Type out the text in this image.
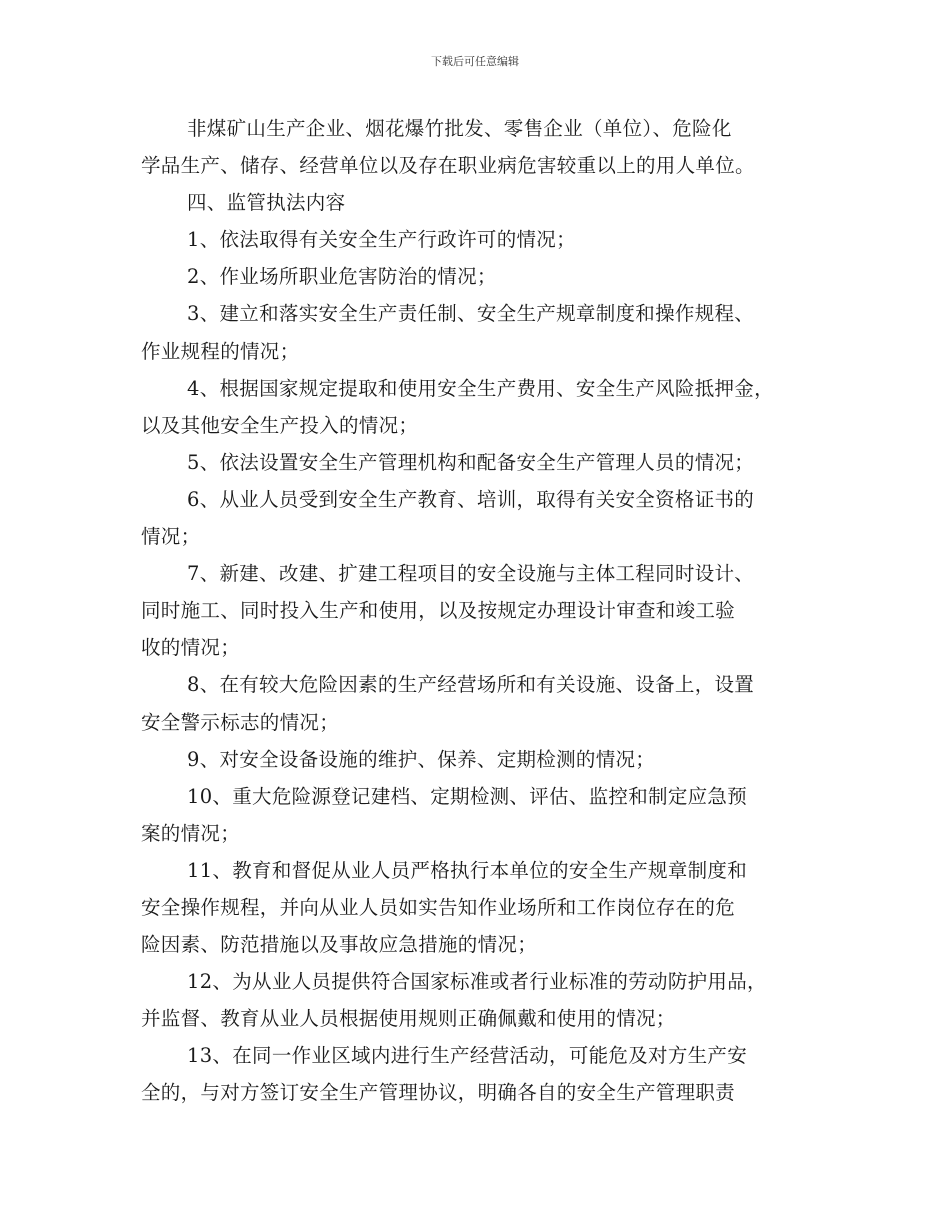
下载后可任意编辑
非煤矿山生产企业、烟花爆竹批发、零售企业（单位）、危险化
学品生产、储存、经营单位以及存在职业病危害较重以上的用人单位。
四、监管执法内容
1、依法取得有关安全生产行政许可的情况；
2、作业场所职业危害防治的情况；
3、建立和落实安全生产责任制、安全生产规章制度和操作规程、
作业规程的情况；
4、根据国家规定提取和使用安全生产费用、安全生产风险抵押金，
以及其他安全生产投入的情况；
5、依法设置安全生产管理机构和配备安全生产管理人员的情况；
6、从业人员受到安全生产教育、培训，取得有关安全资格证书的
情况；
7、新建、改建、扩建工程项目的安全设施与主体工程同时设计、
同时施工、同时投入生产和使用，以及按规定办理设计审查和竣工验
收的情况；
8、在有较大危险因素的生产经营场所和有关设施、设备上，设置
安全警示标志的情况；
9、对安全设备设施的维护、保养、定期检测的情况；
10、重大危险源登记建档、定期检测、评估、监控和制定应急预
案的情况；
11、教育和督促从业人员严格执行本单位的安全生产规章制度和
安全操作规程，并向从业人员如实告知作业场所和工作岗位存在的危
险因素、防范措施以及事故应急措施的情况；
12、为从业人员提供符合国家标准或者行业标准的劳动防护用品，
并监督、教育从业人员根据使用规则正确佩戴和使用的情况；
13、在同一作业区域内进行生产经营活动，可能危及对方生产安
全的，与对方签订安全生产管理协议，明确各自的安全生产管理职责
